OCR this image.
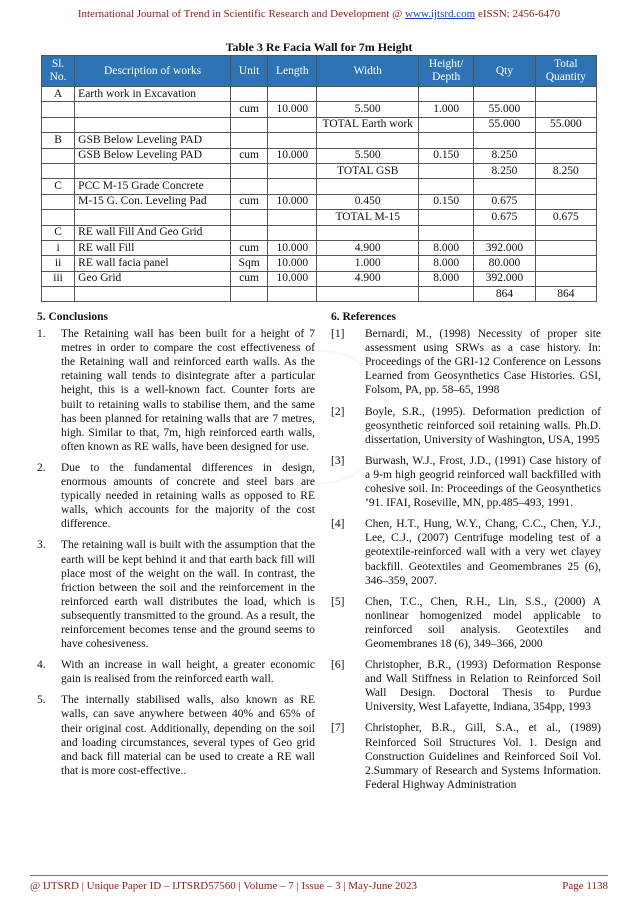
International Journal of Trend in Scientific Research and Development @ www.ijtsrd.com eISSN: 2456-6470
Table 3 Re Facia Wall for 7m Height
Sl. No.	Description of works	Unit	Length	Width	Height/ Depth	Qty	Total Quantity
A	Earth work in Excavation						
		cum	10.000	5.500	1.000	55.000	
				TOTAL Earth work		55.000	55.000
B	GSB Below Leveling PAD						
	GSB Below Leveling PAD	cum	10.000	5.500	0.150	8.250	
				TOTAL GSB		8.250	8.250
C	PCC M-15 Grade Concrete						
	M-15 G. Con. Leveling Pad	cum	10.000	0.450	0.150	0.675	
				TOTAL M-15		0.675	0.675
C	RE wall Fill And Geo Grid						
i	RE wall Fill	cum	10.000	4.900	8.000	392.000	
ii	RE wall facia panel	Sqm	10.000	1.000	8.000	80.000	
iii	Geo Grid	cum	10.000	4.900	8.000	392.000	
						864	864
5. Conclusions
1.	The Retaining wall has been built for a height of 7 metres in order to compare the cost effectiveness of the Retaining wall and reinforced earth walls. As the retaining wall tends to disintegrate after a particular height, this is a well-known fact. Counter forts are built to retaining walls to stabilise them, and the same has been planned for retaining walls that are 7 metres, high. Similar to that, 7m, high reinforced earth walls, often known as RE walls, have been designed for use.
2.	Due to the fundamental differences in design, enormous amounts of concrete and steel bars are typically needed in retaining walls as opposed to RE walls, which accounts for the majority of the cost difference.
3.	The retaining wall is built with the assumption that the earth will be kept behind it and that earth back fill will place most of the weight on the wall. In contrast, the friction between the soil and the reinforcement in the reinforced earth wall distributes the load, which is subsequently transmitted to the ground. As a result, the reinforcement becomes tense and the ground seems to have cohesiveness.
4.	With an increase in wall height, a greater economic gain is realised from the reinforced earth wall.
5.	The internally stabilised walls, also known as RE walls, can save anywhere between 40% and 65% of their original cost. Additionally, depending on the soil and loading circumstances, several types of Geo grid and back fill material can be used to create a RE wall that is more cost-effective..
6. References
[1]	Bernardi, M., (1998) Necessity of proper site assessment using SRWs as a case history. In: Proceedings of the GRI-12 Conference on Lessons Learned from Geosynthetics Case Histories. GSI, Folsom, PA, pp. 58–65, 1998
[2]	Boyle, S.R., (1995). Deformation prediction of geosynthetic reinforced soil retaining walls. Ph.D. dissertation, University of Washington, USA, 1995
[3]	Burwash, W.J., Frost, J.D., (1991) Case history of a 9-m high geogrid reinforced wall backfilled with cohesive soil. In: Proceedings of the Geosynthetics ’91. IFAI, Roseville, MN, pp.485–493, 1991.
[4]	Chen, H.T., Hung, W.Y., Chang, C.C., Chen, Y.J., Lee, C.J., (2007) Centrifuge modeling test of a geotextile-reinforced wall with a very wet clayey backfill. Geotextiles and Geomembranes 25 (6), 346–359, 2007.
[5]	Chen, T.C., Chen, R.H., Lin, S.S., (2000) A nonlinear homogenized model applicable to reinforced soil analysis. Geotextiles and Geomembranes 18 (6), 349–366, 2000
[6]	Christopher, B.R., (1993) Deformation Response and Wall Stiffness in Relation to Reinforced Soil Wall Design. Doctoral Thesis to Purdue University, West Lafayette, Indiana, 354pp, 1993
[7]	Christopher, B.R., Gill, S.A., et al., (1989) Reinforced Soil Structures Vol. 1. Design and Construction Guidelines and Reinforced Soil Vol. 2.Summary of Research and Systems Information. Federal Highway Administration
@ IJTSRD | Unique Paper ID – IJTSRD57560 | Volume – 7 | Issue – 3 | May-June 2023	Page 1138
